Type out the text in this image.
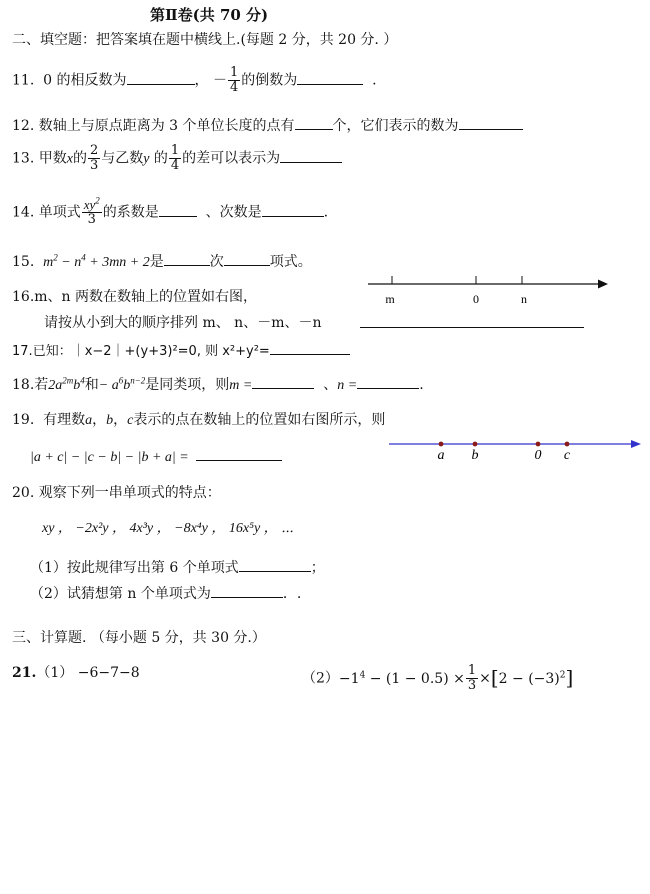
第Ⅱ卷(共 70 分)
二、填空题：把答案填在题中横线上.(每题 2 分，共 20 分. ）
11. 0 的相反数为	， － $\frac{1}{4}$ 的倒数为	.
12. 数轴上与原点距离为 3 个单位长度的点有	个，它们表示的数为
13. 甲数x的 $\frac{2}{3}$ 与乙数y 的 $\frac{1}{4}$ 的差可以表示为
14. 单项式 $\frac{xy^2}{3}$ 的系数是	、次数是	.
15. $m^2 - n^4 + 3mn + 2$是	次	项式。
m	0	n
16.m、n 两数在数轴上的位置如右图，
请按从小到大的顺序排列 m、 n、－m、－n
17.已知：｜x−2｜+(y+3)²=0, 则 x²+y²=
18.若$2a^{2m}b^4$和− $a^6b^{n-2}$是同类项，则m =	、n =	.
19. 有理数a，b，c表示的点在数轴上的位置如右图所示，则
|a + c| − |c − b| − |b + a| =	a b	0 c
20. 观察下列一串单项式的特点：
xy ， −2x²y ， 4x³y ， −8x⁴y ， 16x⁵y ， ⋯
（1）按此规律写出第 6 个单项式	；
（2）试猜想第 n 个单项式为	．.
三、计算题. （每小题 5 分，共 30 分.）
21.（1） −6−7−8	$(2)-1^4 - (1 - 0.5) \times \frac{1}{3} \times[2 - (-3)^2]$
